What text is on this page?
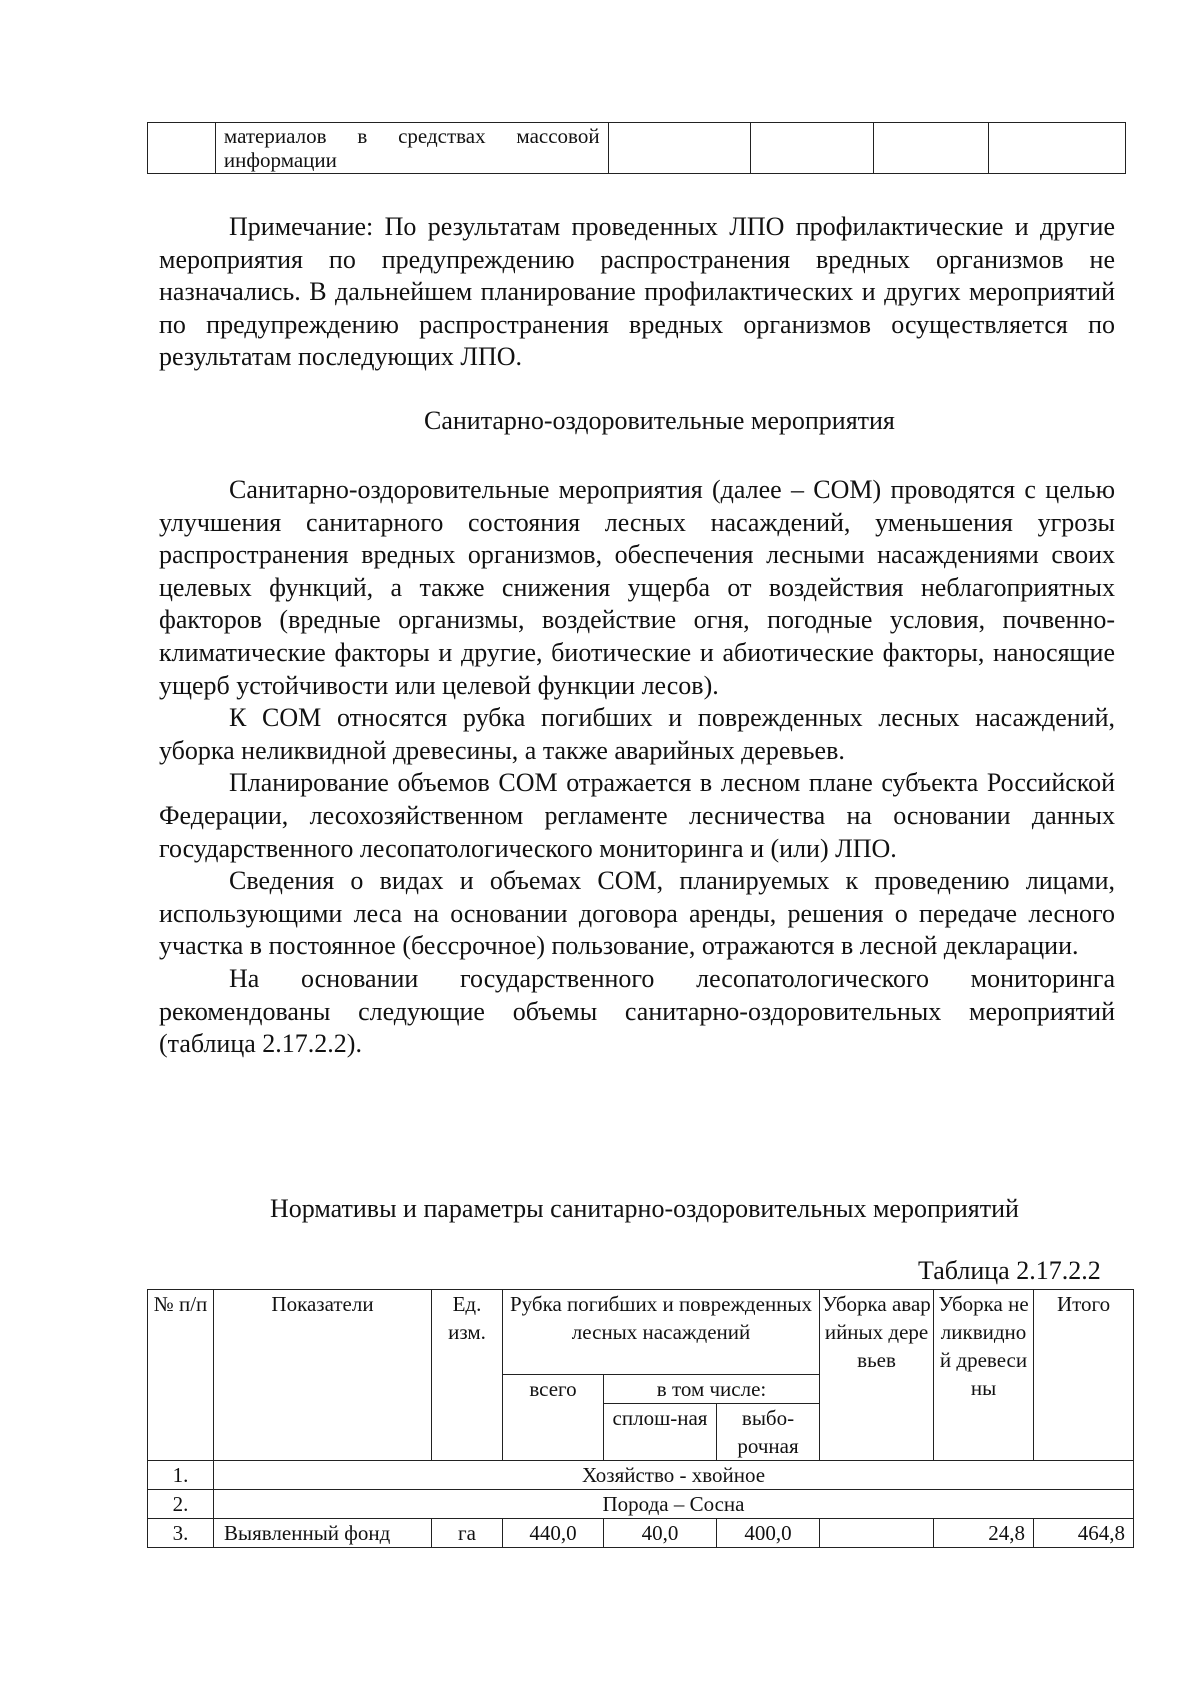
	материалов в средствах массовой информации				

Примечание: По результатам проведенных ЛПО профилактические и другие мероприятия по предупреждению распространения вредных организмов не назначались. В дальнейшем планирование профилактических и других мероприятий по предупреждению распространения вредных организмов осуществляется по результатам последующих ЛПО.

Санитарно-оздоровительные мероприятия

Санитарно-оздоровительные мероприятия (далее – СОМ) проводятся с целью улучшения санитарного состояния лесных насаждений, уменьшения угрозы распространения вредных организмов, обеспечения лесными насаждениями своих целевых функций, а также снижения ущерба от воздействия неблагоприятных факторов (вредные организмы, воздействие огня, погодные условия, почвенно-климатические факторы и другие, биотические и абиотические факторы, наносящие ущерб устойчивости или целевой функции лесов).

К СОМ относятся рубка погибших и поврежденных лесных насаждений, уборка неликвидной древесины, а также аварийных деревьев.

Планирование объемов СОМ отражается в лесном плане субъекта Российской Федерации, лесохозяйственном регламенте лесничества на основании данных государственного лесопатологического мониторинга и (или) ЛПО.

Сведения о видах и объемах СОМ, планируемых к проведению лицами, использующими леса на основании договора аренды, решения о передаче лесного участка в постоянное (бессрочное) пользование, отражаются в лесной декларации.

На основании государственного лесопатологического мониторинга рекомендованы следующие объемы санитарно-оздоровительных мероприятий (таблица 2.17.2.2).

Нормативы и параметры санитарно-оздоровительных мероприятий
Таблица 2.17.2.2
№ п/п	Показатели	Ед. изм.	Рубка погибших и поврежденных лесных насаждений			Уборка аварийных деревьев	Уборка неликвидной древесины	Итого
			всего	в том числе:				
				сплош-ная	выбо-рочная			
1.	Хозяйство - хвойное							
2.	Порода – Сосна							
3.	Выявленный фонд	га	440,0	40,0	400,0		24,8	464,8
